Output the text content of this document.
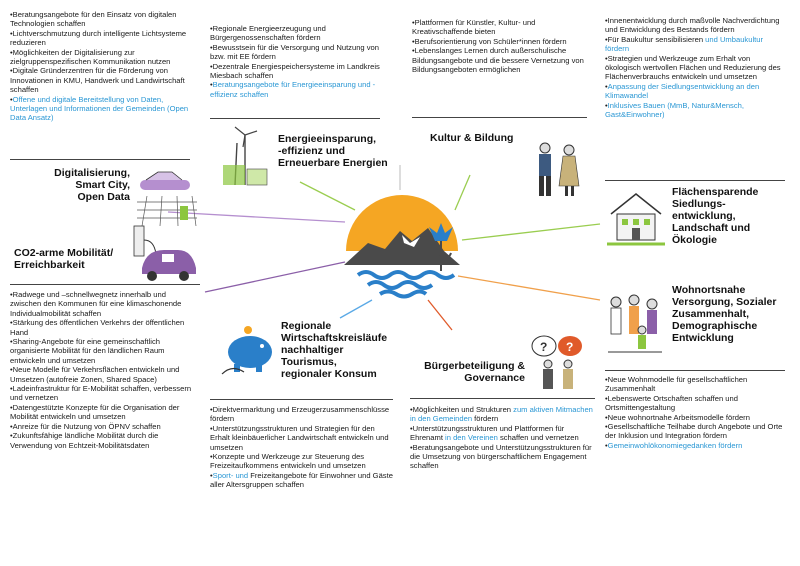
• Beratungsangebote für den Einsatz von digitalen Technologien schaffen
• Lichtverschmutzung durch intelligente Lichtsysteme reduzieren
• Möglichkeiten der Digitalisierung zur zielgruppenspezifischen Kommunikation nutzen
• Digitale Gründerzentren für die Förderung von Innovationen in KMU, Handwerk und Landwirtschaft schaffen
• Offene und digitale Bereitstellung von Daten, Unterlagen und Informationen der Gemeinden (Open Data Ansatz)
Digitalisierung,
Smart City,
Open Data
• Regionale Energieerzeugung und Bürgergenossenschaften fördern
• Bewusstsein für die Versorgung und Nutzung von bzw. mit EE fördern
• Dezentrale Energiespeichersysteme im Landkreis Miesbach schaffen
• Beratungsangebote für Energieeinsparung und -effizienz schaffen
Energieeinsparung,
-effizienz und
Erneuerbare Energien
• Plattformen für Künstler, Kultur- und Kreativschaffende bieten
• Berufsorientierung von Schüler*innen fördern
• Lebenslanges Lernen durch außerschulische Bildungsangebote und die bessere Vernetzung von Bildungsangeboten ermöglichen
Kultur & Bildung
• Innenentwicklung durch maßvolle Nachverdichtung und Entwicklung des Bestands fördern
• Für Baukultur sensibilisieren und Umbaukultur fördern
• Strategien und Werkzeuge zum Erhalt von ökologisch wertvollen Flächen und Reduzierung des Flächenverbrauchs entwickeln und umsetzen
• Anpassung der Siedlungsentwicklung an den Klimawandel
• Inklusives Bauen (MmB, Natur&Mensch, Gast&Einwohner)
Flächensparende
Siedlungs-
entwicklung,
Landschaft und
Ökologie
CO2-arme Mobilität/
Erreichbarkeit
• Radwege und –schnellwegnetz innerhalb und zwischen den Kommunen für eine klimaschonende Individualmobilität schaffen
• Stärkung des öffentlichen Verkehrs der öffentlichen Hand
• Sharing-Angebote für eine gemeinschaftlich organisierte Mobilität für den ländlichen Raum entwickeln und umsetzen
• Neue Modelle für Verkehrsflächen entwickeln und Umsetzen (autofreie Zonen, Shared Space)
• Ladeinfrastruktur für E-Mobilität schaffen, verbessern und vernetzen
• Datengestützte Konzepte für die Organisation der Mobilität entwickeln und umsetzen
• Anreize für die Nutzung von ÖPNV schaffen
• Zukunftsfähige ländliche Mobilität durch die Verwendung von Echtzeit-Mobilitätsdaten
Regionale
Wirtschaftskreisläufe
nachhaltiger
Tourismus,
regionaler Konsum
• Direktvermarktung und Erzeugerzusammenschlüsse fördern
• Unterstützungsstrukturen und Strategien für den Erhalt kleinbäuerlicher Landwirtschaft entwickeln und umsetzen
• Konzepte und Werkzeuge zur Steuerung des Freizeitaufkommens entwickeln und umsetzen
• Sport- und Freizeitangebote für Einwohner und Gäste aller Altersgruppen schaffen
Bürgerbeteiligung &
Governance
? ?
• Möglichkeiten und Strukturen zum aktiven Mitmachen in den Gemeinden fördern
• Unterstützungsstrukturen und Plattformen für Ehrenamt in den Vereinen schaffen und vernetzen
• Beratungsangebote und Unterstützungsstrukturen für die Umsetzung von bürgerschaftlichem Engagement schaffen
Wohnortsnahe
Versorgung, Sozialer
Zusammenhalt,
Demographische
Entwicklung
• Neue Wohnmodelle für gesellschaftlichen Zusammenhalt
• Lebenswerte Ortschaften schaffen und Ortsmittengestaltung
• Neue wohnortnahe Arbeitsmodelle fördern
• Gesellschaftliche Teilhabe durch Angebote und Orte der Inklusion und Integration fördern
• Gemeinwohlökonomiegedanken fördern
